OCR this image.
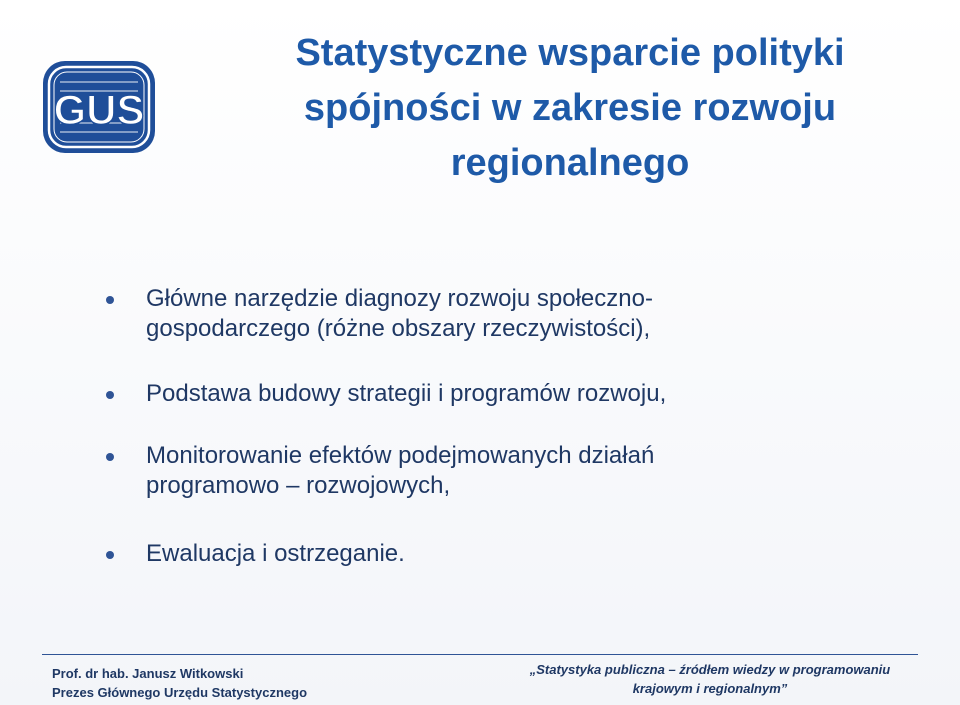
GUS
Statystyczne wsparcie polityki
spójności w zakresie rozwoju
regionalnego
Główne narzędzie diagnozy rozwoju społeczno-
gospodarczego (różne obszary rzeczywistości),
Podstawa budowy strategii i programów rozwoju,
Monitorowanie efektów podejmowanych działań
programowo – rozwojowych,
Ewaluacja i ostrzeganie.
Prof. dr hab. Janusz Witkowski
Prezes Głównego Urzędu Statystycznego
„Statystyka publiczna – źródłem wiedzy w programowaniu
krajowym i regionalnym”
